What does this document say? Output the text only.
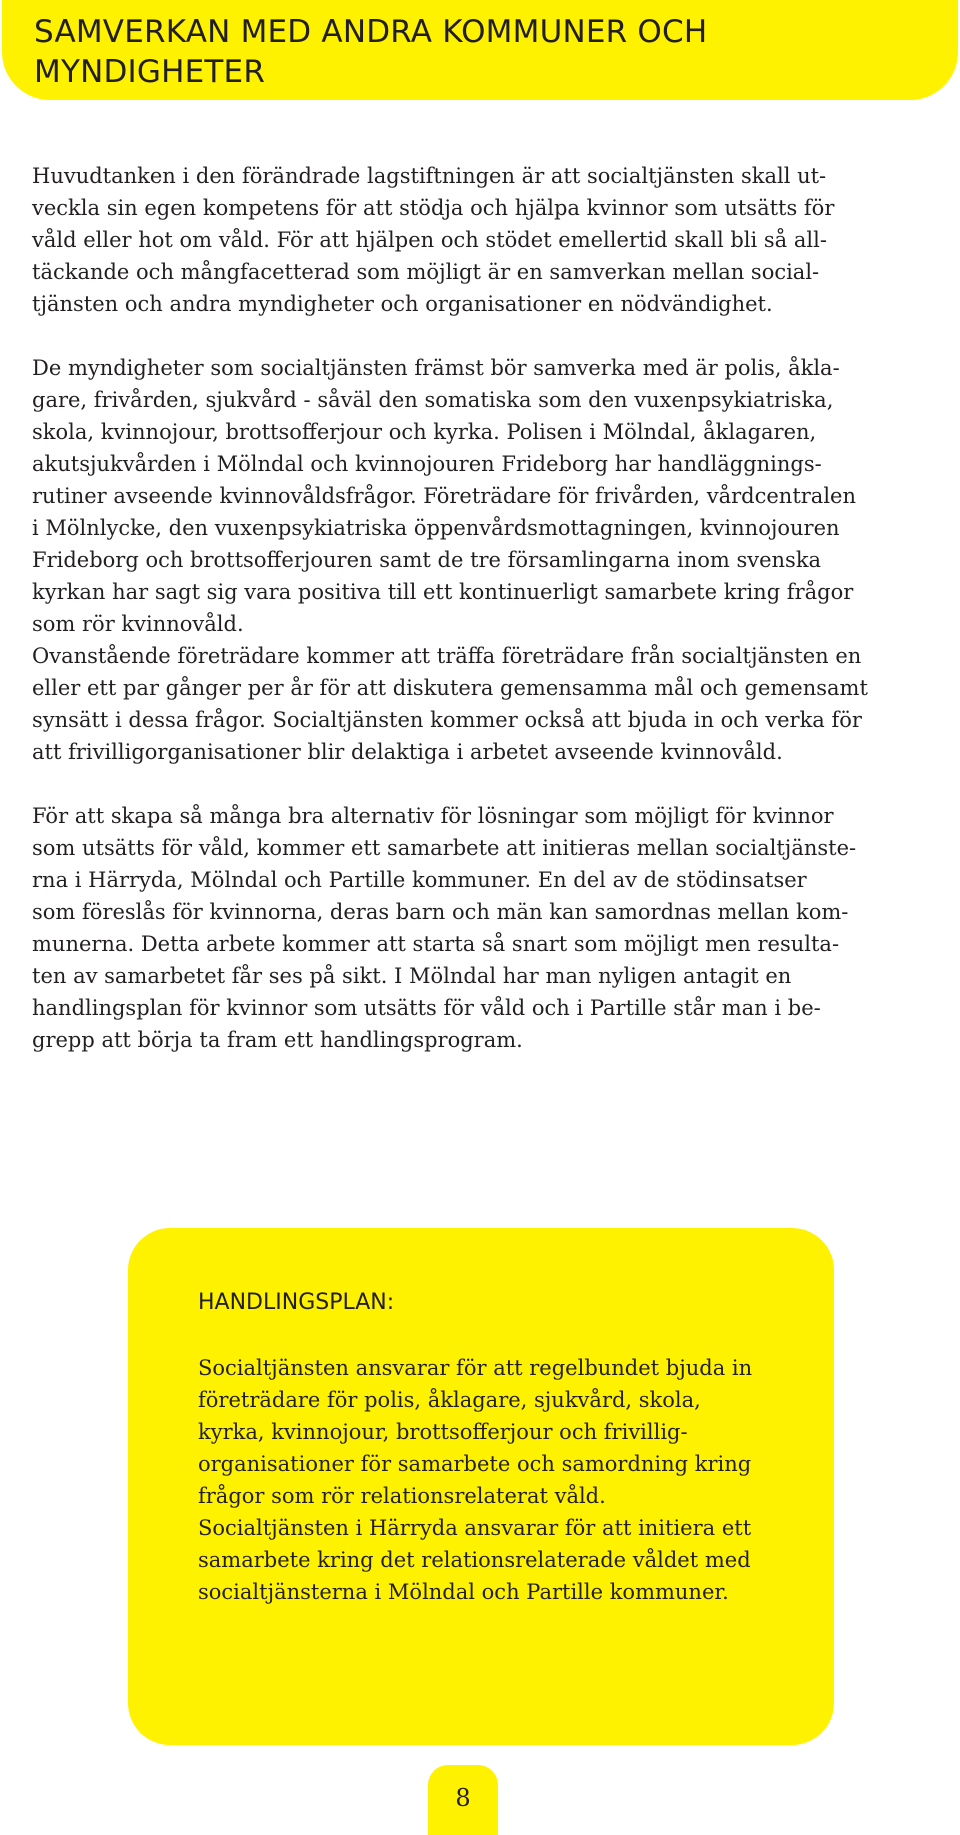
SAMVERKAN MED ANDRA KOMMUNER OCH
MYNDIGHETER
Huvudtanken i den förändrade lagstiftningen är att socialtjänsten skall ut-
veckla sin egen kompetens för att stödja och hjälpa kvinnor som utsätts för
våld eller hot om våld. För att hjälpen och stödet emellertid skall bli så all-
täckande och mångfacetterad som möjligt är en samverkan mellan social-
tjänsten och andra myndigheter och organisationer en nödvändighet.
De myndigheter som socialtjänsten främst bör samverka med är polis, åkla-
gare, frivården, sjukvård - såväl den somatiska som den vuxenpsykiatriska,
skola, kvinnojour, brottsofferjour och kyrka. Polisen i Mölndal, åklagaren,
akutsjukvården i Mölndal och kvinnojouren Frideborg har handläggnings-
rutiner avseende kvinnovåldsfrågor. Företrädare för frivården, vårdcentralen
i Mölnlycke, den vuxenpsykiatriska öppenvårdsmottagningen, kvinnojouren
Frideborg och brottsofferjouren samt de tre församlingarna inom svenska
kyrkan har sagt sig vara positiva till ett kontinuerligt samarbete kring frågor
som rör kvinnovåld.
Ovanstående företrädare kommer att träffa företrädare från socialtjänsten en
eller ett par gånger per år för att diskutera gemensamma mål och gemensamt
synsätt i dessa frågor. Socialtjänsten kommer också att bjuda in och verka för
att frivilligorganisationer blir delaktiga i arbetet avseende kvinnovåld.
För att skapa så många bra alternativ för lösningar som möjligt för kvinnor
som utsätts för våld, kommer ett samarbete att initieras mellan socialtjänste-
rna i Härryda, Mölndal och Partille kommuner. En del av de stödinsatser
som föreslås för kvinnorna, deras barn och män kan samordnas mellan kom-
munerna. Detta arbete kommer att starta så snart som möjligt men resulta-
ten av samarbetet får ses på sikt. I Mölndal har man nyligen antagit en
handlingsplan för kvinnor som utsätts för våld och i Partille står man i be-
grepp att börja ta fram ett handlingsprogram.
HANDLINGSPLAN:
Socialtjänsten ansvarar för att regelbundet bjuda in
företrädare för polis, åklagare, sjukvård, skola,
kyrka, kvinnojour, brottsofferjour och frivillig-
organisationer för samarbete och samordning kring
frågor som rör relationsrelaterat våld.
Socialtjänsten i Härryda ansvarar för att initiera ett
samarbete kring det relationsrelaterade våldet med
socialtjänsterna i Mölndal och Partille kommuner.
8
